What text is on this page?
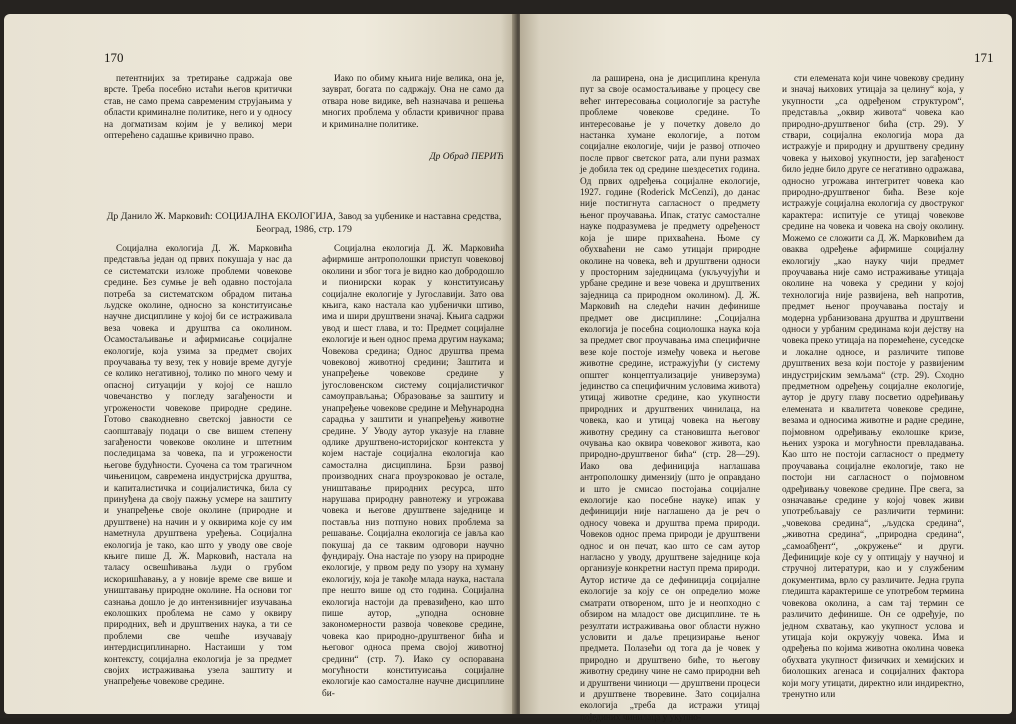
170

петентнијих за третирање садржаја ове врсте. Треба посебно истаћи његов критички став, не само према савременим струјањима у области криминалне политике, него и у односу на догматизам којим је у великој мери оптерећено садашње кривично право.

Иако по обиму књига није велика, она је, зауврат, богата по садржају. Она не само да отвара нове видике, већ назначава и решења многих проблема у области кривичног права и криминалне политике.

Др Обрад ПЕРИЋ
Др Данило Ж. Марковић: СОЦИЈАЛНА ЕКОЛОГИЈА, Завод за уџбенике и наставна средства, Београд, 1986, стр. 179

Социјална екологија Д. Ж. Марковића представља један од првих покушаја у нас да се систематски изложе проблеми човекове средине. Без сумње је већ одавно постојала потреба за систематском обрадом питања људске околине, односно за конституисање научне дисциплине у којој би се истраживала веза човека и друштва са околином. Осамостаљивање и афирмисање социјалне екологије, која узима за предмет својих проучавања ту везу, тек у новије време дугује се колико негативној, толико по много чему и опасној ситуацији у којој се нашло човечанство у погледу загађености и угрожености човекове природне средине. Готово свакодневно светској јавности се саопштавају подаци о све вишем степену загађености човекове околине и штетним последицама за човека, па и угрожености његове будућности. Суочена са том трагичном чињеницом, савремена индустријска друштва, и капиталистичка и социјалистичка, била су принуђена да своју пажњу усмере на заштиту и унапређење своје околине (природне и друштвене) на начин и у оквирима које су им наметнула друштвена уређења. Социјална екологија је тако, као што у уводу ове своје књиге пише Д. Ж. Марковић, настала на таласу освешћивања људи о грубом искоришћавању, а у новије време све више и уништавању природне околине. На основи тог сазнања дошло је до интензивнијег изучавања еколошких проблема не само у оквиру природних, већ и друштвених наука, а ти се проблеми све чешће изучавају интердисциплинарно. Настаиши у том контексту, социјална екологија је за предмет својих истраживања узела заштиту и унапређење човекове средине.

Социјална екологија Д. Ж. Марковића афирмише антрополошки приступ човековој околини и због тога је видно као добродошло и пионирски корак у конституисању социјалне екологије у Југославији. Зато ова књига, како настала као уџбенички штиво, има и шири друштвени значај. Књига садржи увод и шест глава, и то: Предмет социјалне екологије и њен однос према другим наукама; Човекова средина; Однос друштва према човековој животној средини; Заштита и унапређење човекове средине у југословенском систему социјалистичког самоуправљања; Образовање за заштиту и унапређење човекове средине и Међународна сарадња у заштити и унапређењу животне средине. У Уводу аутор указује на главне одлике друштвено-историјског контекста у којем настаје социјална екологија као самостална дисциплина. Брзи развој производних снага проузроковао је остале, уништавање природних ресурса, што нарушава природну равнотежу и угрожава човека и његове друштвене заједнице и поставља низ потпуно нових проблема за решавање. Социјална екологија се јавља као покушај да се таквим одговори научно фундирају. Она настаје по узору на природне екологије, у првом реду по узору на хуману екологију, која је такође млада наука, настала пре нешто више од сто година. Социјална екологија настоји да превазиђено, као што пише аутор, „уподна основне закономерности развоја човекове средине, човека као природно-друштвеног бића и његовог односа према својој животној средини“ (стр. 7). Иако су оспоравана могућности конституисања социјалне екологије као самосталне научне дисциплине би-

171

ла раширена, она је дисциплина кренула пут за своје осамостаљивање у процесу све већег интересовања социологије за растуће проблеме човекове средине. То интересовање је у почетку довело до настанка хумане екологије, а потом социјалне екологије, чији је развој отпочео после првог светског рата, али пуни размах је добила тек од средине шездесетих година. Од првих одређења социјалне екологије, 1927. године (Roderick McCenzi), до данас није постигнута сагласност о предмету њеног проучавања. Ипак, статус самосталне науке подразумева је предмету одређеност која је шире прихваћена. Њоме су обухваћени не само утицаји природне околине на човека, већ и друштвени односи у просторним заједницама (укључујући и урбане средине и везе човека и друштвених заједница са природном околином). Д. Ж. Марковић на следећи начин дефинише предмет ове дисциплине: „Социјална екологија је посебна социолошка наука која за предмет свог проучавања има специфичне везе које постоје између човека и његове животне средине, истражујући (у систему општег концептуализације универзума) јединство са специфичним условима живота) утицај животне средине, као укупности природних и друштвених чинилаца, на човека, као и утицај човека на његову животну средину са становишта његовог очувања као оквира човековог живота, као природно-друштвеног бића“ (стр. 28—29). Иако ова дефиниција наглашава антрополошку димензију (што је оправдано и што је смисао постојања социјалне екологије као посебне науке) ипак у дефиницији није наглашено да је реч о односу човека и друштва према природи. Човеков однос према природи је друштвени однос и он печат, као што се сам аутор нагласно у уводу, друштвене заједнице која организује конкретни наступ према природи. Аутор истиче да се дефиниција социјалне екологије за коју се он определио може сматрати отвореном, што је и неопходно с обзиром на младост ове дисциплине. те њ резултати истраживања овог области нужно условити и даље прецизирање њеног предмета. Полазећи од тога да је човек у природно и друштвено биће, то његову животну средину чине не само природни већ и друштвени чиниоци — друштвени процеси и друштвене творевине. Зато социјална екологија „треба да истражи утицај појединих чинилаца у укупно-

сти елемената који чине човекову средину и значај њихових утицаја за целину“ која, у укупности „са одређеном структуром“, представља „оквир живота“ човека као природно-друштвеног бића (стр. 29). У ствари, социјална екологија мора да истражује и природну и друштвену средину човека у њиховој укупности, јер загађеност било једне било друге се негативно одражава, односно угрожава интегритет човека као природно-друштвеног бића. Везе које истражује социјална екологија су двоструког карактера: испитује се утицај човекове средине на човека и човека на своју околину. Можемо се сложити са Д. Ж. Марковићем да оваква одређење афирмише социјалну екологију „као науку чији предмет проучавања није само истраживање утицаја околине на човека у средини у којој технологија није развијена, већ напротив, предмет њеног проучавања постају и модерна урбанизована друштва и друштвени односи у урбаним срединама који дејству на човека преко утицаја на поремећене, суседске и локалне односе, и различите типове друштвених веза који постоје у развијеним индустријским земљама“ (стр. 29). Сходно предметном одређењу социјалне екологије, аутор је другу главу посветио одређивању елемената и квалитета човекове средине, везама и односима животне и радне средине, појмовном одређивању еколошке кризе, њених узрока и могућности превладавања. Као што не постоји сагласност о предмету проучавања социјалне екологије, тако не постоји ни сагласност о појмовном одређивању човекове средине. Пре свега, за означавање средине у којој човек живи употребљавају се различити термини: „човекова средина“, „људска средина“, „животна средина“, „природна средина“, „самоабђент“, „окружење“ и други. Дефиниције које су у оптицају у научној и стручној литератури, као и у службеним документима, врло су различите. Једна група гледишта карактерише се употребом термина човекова околина, а сам тај термин се различито дефинише. Он се одређује, по једном схватању, као укупност услова и утицаја који окружују човека. Има и одређења по којима животна околина човека обухвата укупност физичких и хемијских и биолошких агенаса и социјалних фактора који могу утицати, директно или индиректно, тренутно или
